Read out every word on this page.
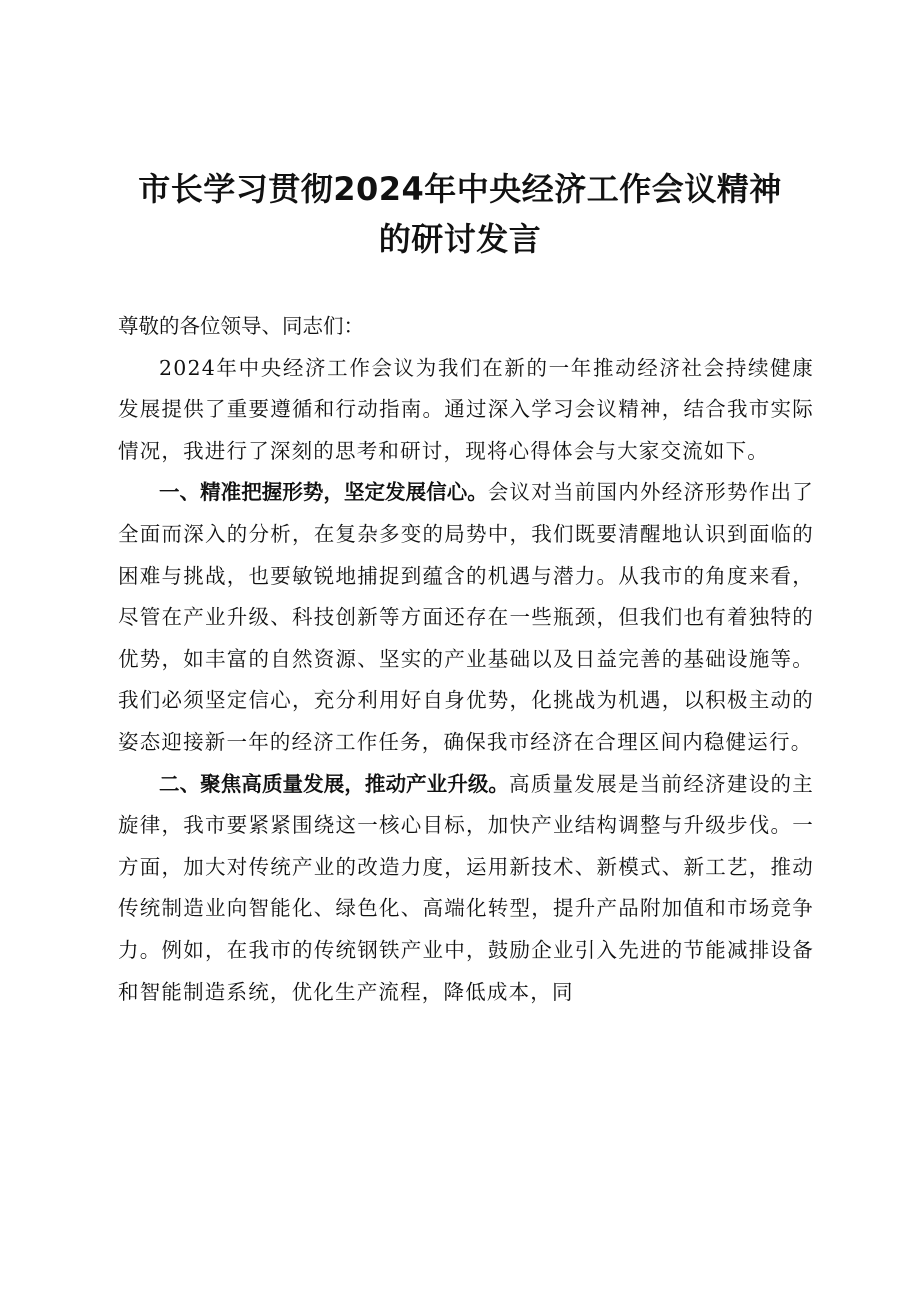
市长学习贯彻2024年中央经济工作会议精神
的研讨发言

尊敬的各位领导、同志们：

2024年中央经济工作会议为我们在新的一年推动经济社会持续健康发展提供了重要遵循和行动指南。通过深入学习会议精神，结合我市实际情况，我进行了深刻的思考和研讨，现将心得体会与大家交流如下。

一、精准把握形势，坚定发展信心。会议对当前国内外经济形势作出了全面而深入的分析，在复杂多变的局势中，我们既要清醒地认识到面临的困难与挑战，也要敏锐地捕捉到蕴含的机遇与潜力。从我市的角度来看，尽管在产业升级、科技创新等方面还存在一些瓶颈，但我们也有着独特的优势，如丰富的自然资源、坚实的产业基础以及日益完善的基础设施等。我们必须坚定信心，充分利用好自身优势，化挑战为机遇，以积极主动的姿态迎接新一年的经济工作任务，确保我市经济在合理区间内稳健运行。

二、聚焦高质量发展，推动产业升级。高质量发展是当前经济建设的主旋律，我市要紧紧围绕这一核心目标，加快产业结构调整与升级步伐。一方面，加大对传统产业的改造力度，运用新技术、新模式、新工艺，推动传统制造业向智能化、绿色化、高端化转型，提升产品附加值和市场竞争力。例如，在我市的传统钢铁产业中，鼓励企业引入先进的节能减排设备和智能制造系统，优化生产流程，降低成本，同
